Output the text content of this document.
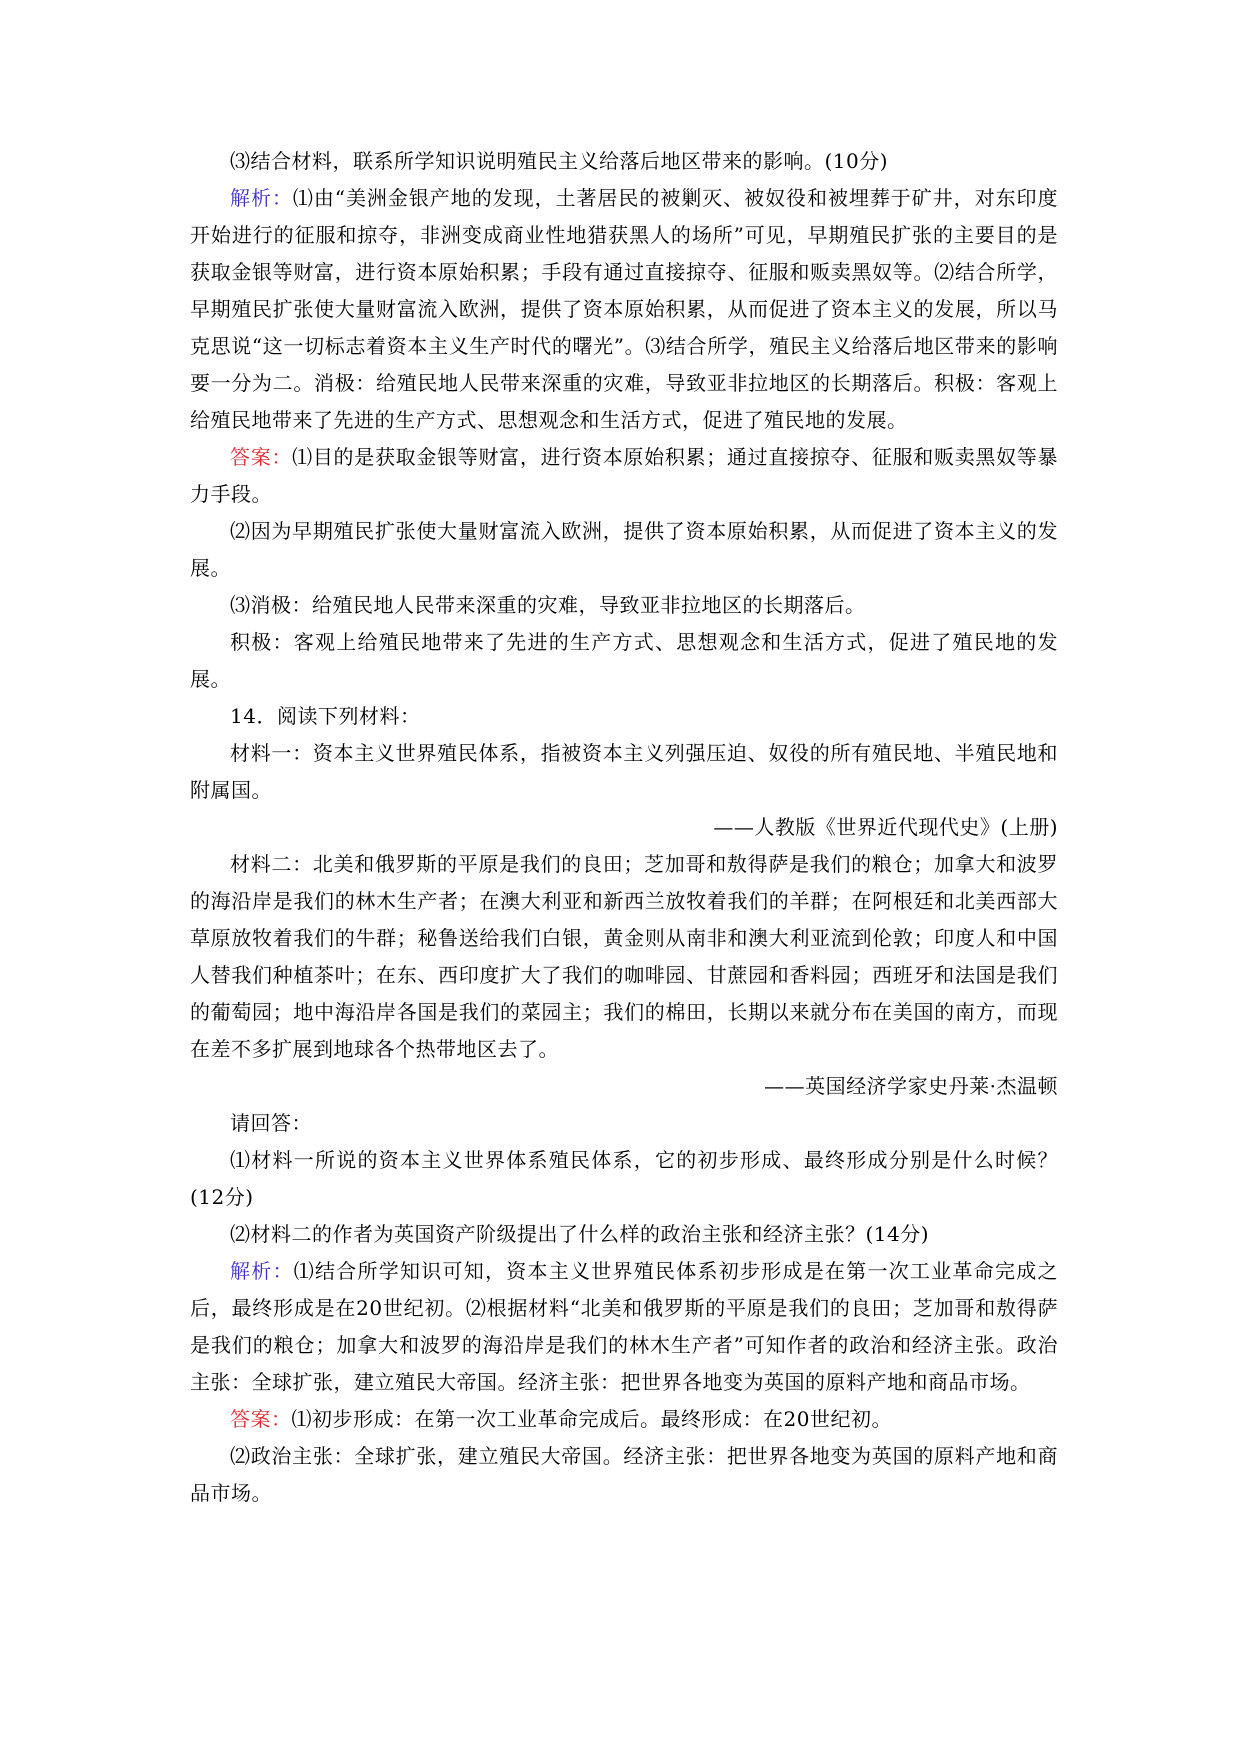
⑶结合材料，联系所学知识说明殖民主义给落后地区带来的影响。(10分)

解析：⑴由“美洲金银产地的发现，土著居民的被剿灭、被奴役和被埋葬于矿井，对东印度开始进行的征服和掠夺，非洲变成商业性地猎获黑人的场所”可见，早期殖民扩张的主要目的是获取金银等财富，进行资本原始积累；手段有通过直接掠夺、征服和贩卖黑奴等。⑵结合所学，早期殖民扩张使大量财富流入欧洲，提供了资本原始积累，从而促进了资本主义的发展，所以马克思说“这一切标志着资本主义生产时代的曙光”。⑶结合所学，殖民主义给落后地区带来的影响要一分为二。消极：给殖民地人民带来深重的灾难，导致亚非拉地区的长期落后。积极：客观上给殖民地带来了先进的生产方式、思想观念和生活方式，促进了殖民地的发展。

答案：⑴目的是获取金银等财富，进行资本原始积累；通过直接掠夺、征服和贩卖黑奴等暴力手段。

⑵因为早期殖民扩张使大量财富流入欧洲，提供了资本原始积累，从而促进了资本主义的发展。

⑶消极：给殖民地人民带来深重的灾难，导致亚非拉地区的长期落后。

积极：客观上给殖民地带来了先进的生产方式、思想观念和生活方式，促进了殖民地的发展。

14．阅读下列材料：

材料一：资本主义世界殖民体系，指被资本主义列强压迫、奴役的所有殖民地、半殖民地和附属国。

——人教版《世界近代现代史》(上册)

材料二：北美和俄罗斯的平原是我们的良田；芝加哥和敖得萨是我们的粮仓；加拿大和波罗的海沿岸是我们的林木生产者；在澳大利亚和新西兰放牧着我们的羊群；在阿根廷和北美西部大草原放牧着我们的牛群；秘鲁送给我们白银，黄金则从南非和澳大利亚流到伦敦；印度人和中国人替我们种植茶叶；在东、西印度扩大了我们的咖啡园、甘蔗园和香料园；西班牙和法国是我们的葡萄园；地中海沿岸各国是我们的菜园主；我们的棉田，长期以来就分布在美国的南方，而现在差不多扩展到地球各个热带地区去了。

——英国经济学家史丹莱·杰温顿

请回答：

⑴材料一所说的资本主义世界体系殖民体系，它的初步形成、最终形成分别是什么时候？(12分)

⑵材料二的作者为英国资产阶级提出了什么样的政治主张和经济主张？(14分)

解析：⑴结合所学知识可知，资本主义世界殖民体系初步形成是在第一次工业革命完成之后，最终形成是在20世纪初。⑵根据材料“北美和俄罗斯的平原是我们的良田；芝加哥和敖得萨是我们的粮仓；加拿大和波罗的海沿岸是我们的林木生产者”可知作者的政治和经济主张。政治主张：全球扩张，建立殖民大帝国。经济主张：把世界各地变为英国的原料产地和商品市场。

答案：⑴初步形成：在第一次工业革命完成后。最终形成：在20世纪初。

⑵政治主张：全球扩张，建立殖民大帝国。经济主张：把世界各地变为英国的原料产地和商品市场。
